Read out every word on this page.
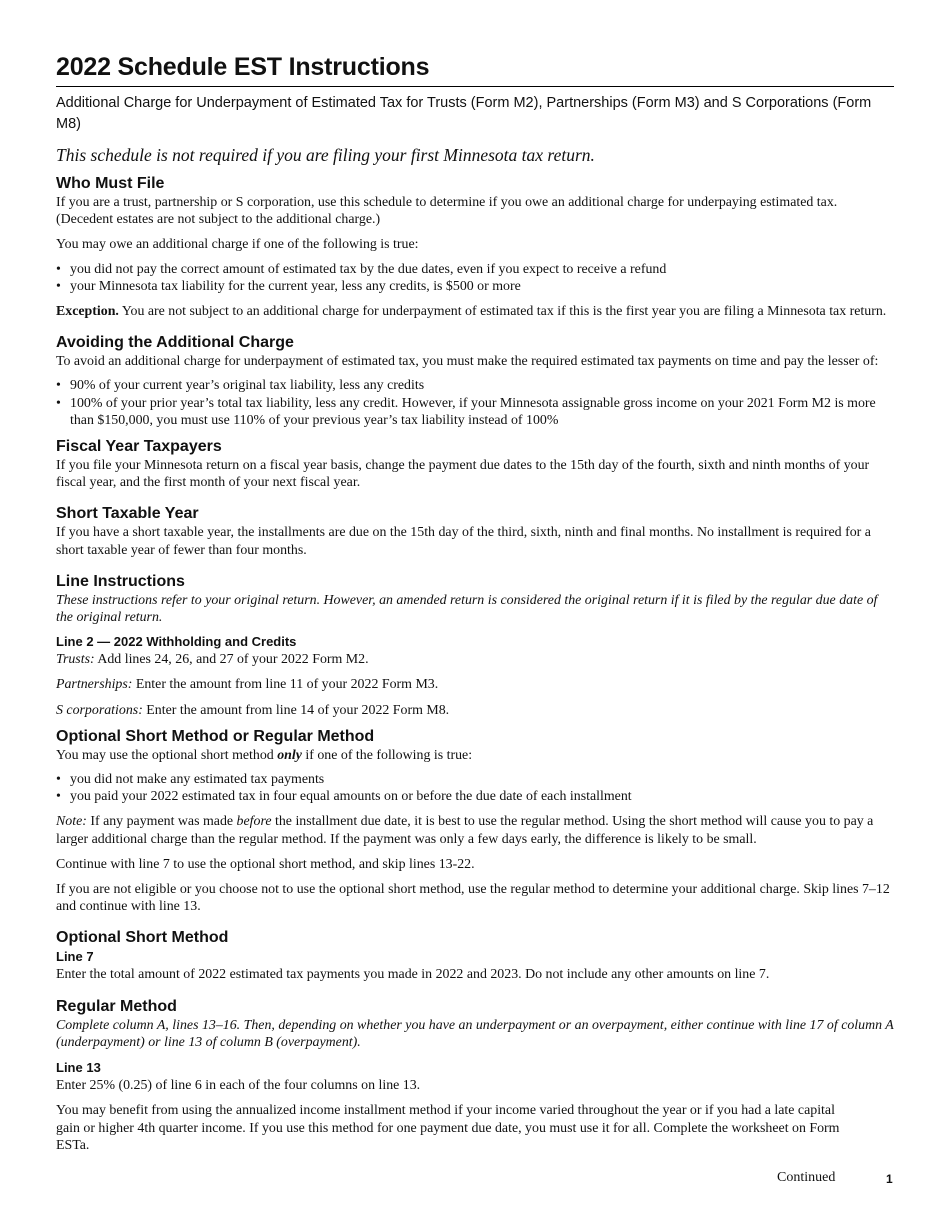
2022 Schedule EST Instructions
Additional Charge for Underpayment of Estimated Tax for Trusts (Form M2), Partnerships (Form M3) and S Corporations (Form M8)
This schedule is not required if you are filing your first Minnesota tax return.
Who Must File

If you are a trust, partnership or S corporation, use this schedule to determine if you owe an additional charge for underpaying estimated tax. (Decedent estates are not subject to the additional charge.)

You may owe an additional charge if one of the following is true:

• you did not pay the correct amount of estimated tax by the due dates, even if you expect to receive a refund
• your Minnesota tax liability for the current year, less any credits, is $500 or more

Exception. You are not subject to an additional charge for underpayment of estimated tax if this is the first year you are filing a Minnesota tax return.

Avoiding the Additional Charge

To avoid an additional charge for underpayment of estimated tax, you must make the required estimated tax payments on time and pay the lesser of:

• 90% of your current year’s original tax liability, less any credits
• 100% of your prior year’s total tax liability, less any credit. However, if your Minnesota assignable gross income on your 2021 Form M2 is more than $150,000, you must use 110% of your previous year’s tax liability instead of 100%
Fiscal Year Taxpayers

If you file your Minnesota return on a fiscal year basis, change the payment due dates to the 15th day of the fourth, sixth and ninth months of your fiscal year, and the first month of your next fiscal year.

Short Taxable Year

If you have a short taxable year, the installments are due on the 15th day of the third, sixth, ninth and final months. No installment is required for a short taxable year of fewer than four months.

Line Instructions

These instructions refer to your original return. However, an amended return is considered the original return if it is filed by the regular due date of the original return.

Line 2 — 2022 Withholding and Credits

Trusts: Add lines 24, 26, and 27 of your 2022 Form M2.

Partnerships: Enter the amount from line 11 of your 2022 Form M3.

S corporations: Enter the amount from line 14 of your 2022 Form M8.

Optional Short Method or Regular Method

You may use the optional short method only if one of the following is true:

• you did not make any estimated tax payments
• you paid your 2022 estimated tax in four equal amounts on or before the due date of each installment

Note: If any payment was made before the installment due date, it is best to use the regular method. Using the short method will cause you to pay a larger additional charge than the regular method. If the payment was only a few days early, the difference is likely to be small.

Continue with line 7 to use the optional short method, and skip lines 13-22.

If you are not eligible or you choose not to use the optional short method, use the regular method to determine your additional charge. Skip lines 7–12 and continue with line 13.

Optional Short Method
Line 7

Enter the total amount of 2022 estimated tax payments you made in 2022 and 2023. Do not include any other amounts on line 7.

Regular Method

Complete column A, lines 13–16. Then, depending on whether you have an underpayment or an overpayment, either continue with line 17 of column A (underpayment) or line 13 of column B (overpayment).

Line 13

Enter 25% (0.25) of line 6 in each of the four columns on line 13.

You may benefit from using the annualized income installment method if your income varied throughout the year or if you had a late capital gain or higher 4th quarter income. If you use this method for one payment due date, you must use it for all. Complete the worksheet on Form ESTa.

Continued	1
